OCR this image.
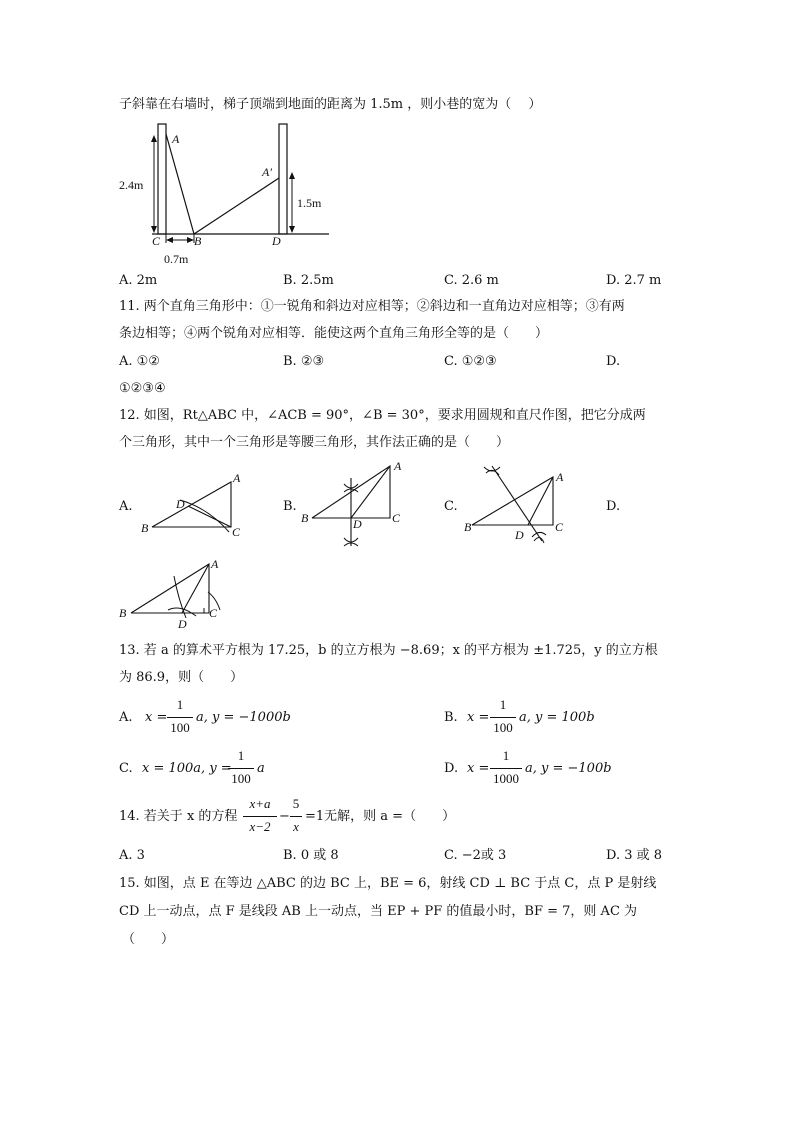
子斜靠在右墙时，梯子顶端到地面的距离为 1.5m ，则小巷的宽为（　 ）
2.4m
1.5m
0.7m
A
A′
B
C	D
A. 2m	B. 2.5m	C. 2.6 m	D. 2.7 m
11. 两个直角三角形中：①一锐角和斜边对应相等；②斜边和一直角边对应相等；③有两
条边相等；④两个锐角对应相等．能使这两个直角三角形全等的是（　　）
A. ①②	B. ②③	C. ①②③	D.
①②③④
12. 如图，Rt△ABC 中，∠ACB = 90°，∠B = 30°，要求用圆规和直尺作图，把它分成两
个三角形，其中一个三角形是等腰三角形，其作法正确的是（　　）
A.	B.	C.	D.
A
B	C
D
A
B	C
D
A
B	C
D
A
B	C
D
13. 若 a 的算术平方根为 17.25，b 的立方根为 −8.69；x 的平方根为 ±1.725，y 的立方根
为 86.9，则（　　）
A. x =
1
100
a, y = −1000b	B. x =
1
100
a, y = 100b
C. x = 100a, y =
1
100
a	D. x =
1
1000
a, y = −100b
14. 若关于 x 的方程
x+a
x−2
−
5
x
=1无解，则 a =（　　）
A. 3	B. 0 或 8	C. −2或 3	D. 3 或 8
15. 如图，点 E 在等边 △ABC 的边 BC 上，BE = 6，射线 CD ⊥ BC 于点 C，点 P 是射线
CD 上一动点，点 F 是线段 AB 上一动点，当 EP + PF 的值最小时，BF = 7，则 AC 为
（　　）
